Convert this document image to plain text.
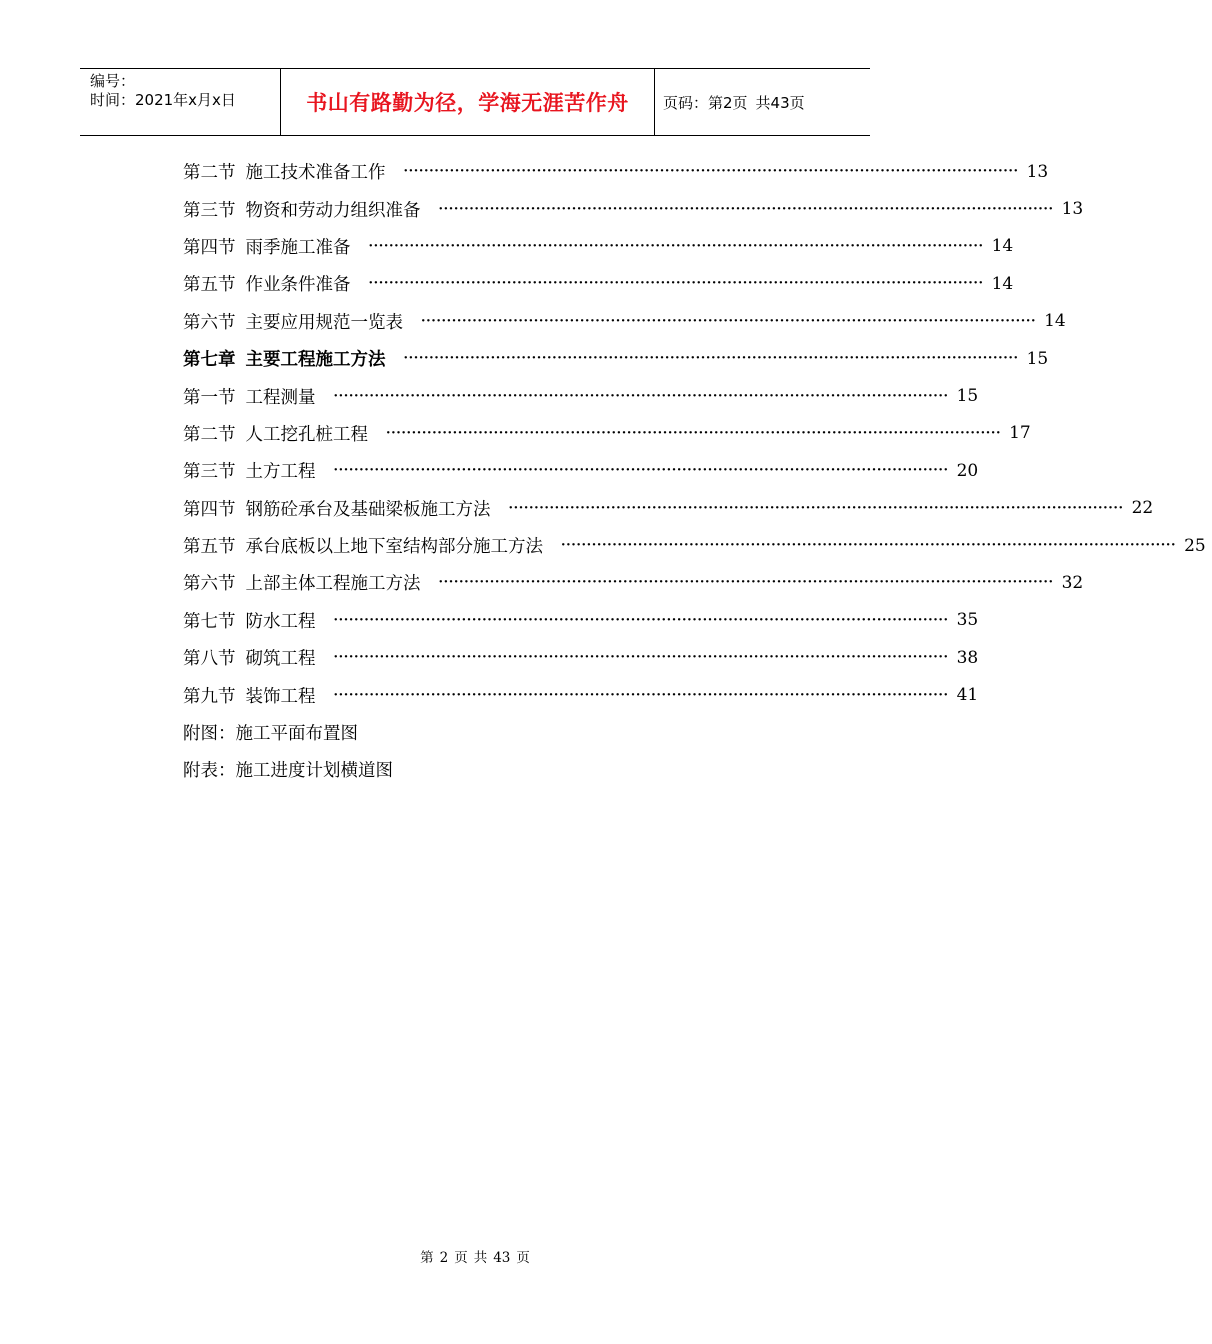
编号：
时间：2021年x月x日	书山有路勤为径，学海无涯苦作舟	页码：第2页 共43页
第二节 施工技术准备工作 ························································································································ 13
第三节 物资和劳动力组织准备 ························································································································ 13
第四节 雨季施工准备 ························································································································ 14
第五节 作业条件准备 ························································································································ 14
第六节 主要应用规范一览表 ························································································································ 14
第七章 主要工程施工方法 ························································································································ 15
第一节 工程测量 ························································································································ 15
第二节 人工挖孔桩工程 ························································································································ 17
第三节 土方工程 ························································································································ 20
第四节 钢筋砼承台及基础梁板施工方法 ························································································································ 22
第五节 承台底板以上地下室结构部分施工方法 ························································································································ 25
第六节 上部主体工程施工方法 ························································································································ 32
第七节 防水工程 ························································································································ 35
第八节 砌筑工程 ························································································································ 38
第九节 装饰工程 ························································································································ 41
附图：施工平面布置图
附表：施工进度计划横道图
第 2 页 共 43 页
